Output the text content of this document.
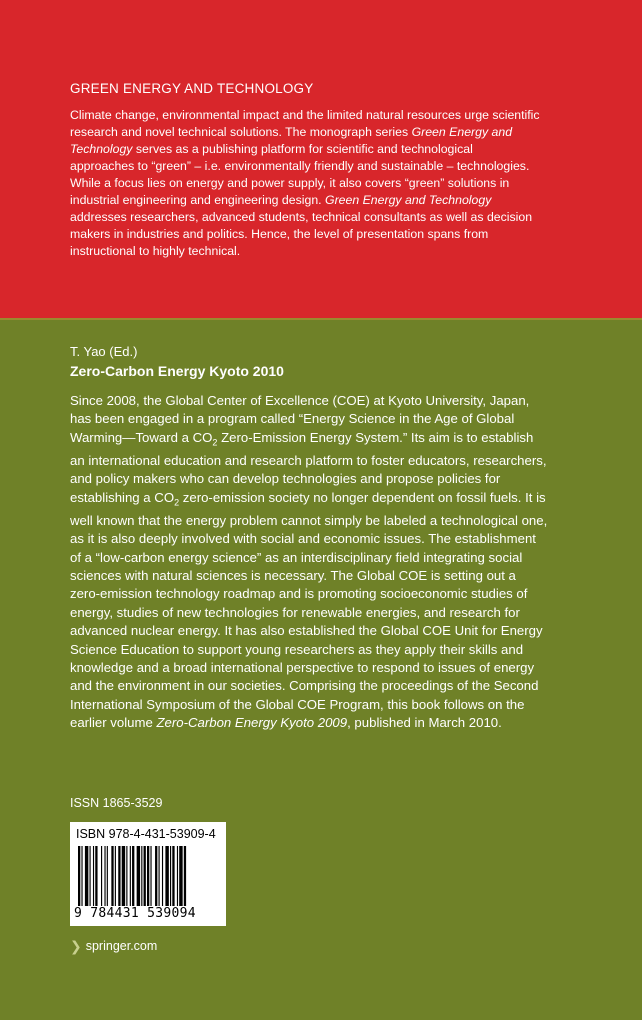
GREEN ENERGY AND TECHNOLOGY
Climate change, environmental impact and the limited natural resources urge scientific research and novel technical solutions. The monograph series Green Energy and Technology serves as a publishing platform for scientific and technological approaches to “green” – i.e. environmentally friendly and sustainable – technologies. While a focus lies on energy and power supply, it also covers “green” solutions in industrial engineering and engineering design. Green Energy and Technology addresses researchers, advanced students, technical consultants as well as decision makers in industries and politics. Hence, the level of presentation spans from instructional to highly technical.
T. Yao (Ed.)
Zero-Carbon Energy Kyoto 2010
Since 2008, the Global Center of Excellence (COE) at Kyoto University, Japan, has been engaged in a program called “Energy Science in the Age of Global Warming—Toward a $CO_2$ Zero-Emission Energy System.” Its aim is to establish an international education and research platform to foster educators, researchers, and policy makers who can develop technologies and propose policies for establishing a $CO_2$ zero-emission society no longer dependent on fossil fuels. It is well known that the energy problem cannot simply be labeled a technological one, as it is also deeply involved with social and economic issues. The establishment of a “low-carbon energy science” as an interdisciplinary field integrating social sciences with natural sciences is necessary. The Global COE is setting out a zero-emission technology roadmap and is promoting socioeconomic studies of energy, studies of new technologies for renewable energies, and research for advanced nuclear energy. It has also established the Global COE Unit for Energy Science Education to support young researchers as they apply their skills and knowledge and a broad international perspective to respond to issues of energy and the environment in our societies. Comprising the proceedings of the Second International Symposium of the Global COE Program, this book follows on the earlier volume Zero-Carbon Energy Kyoto 2009, published in March 2010.
ISSN 1865-3529
ISBN 978-4-431-53909-4
9 784431 539094
❯ springer.com
